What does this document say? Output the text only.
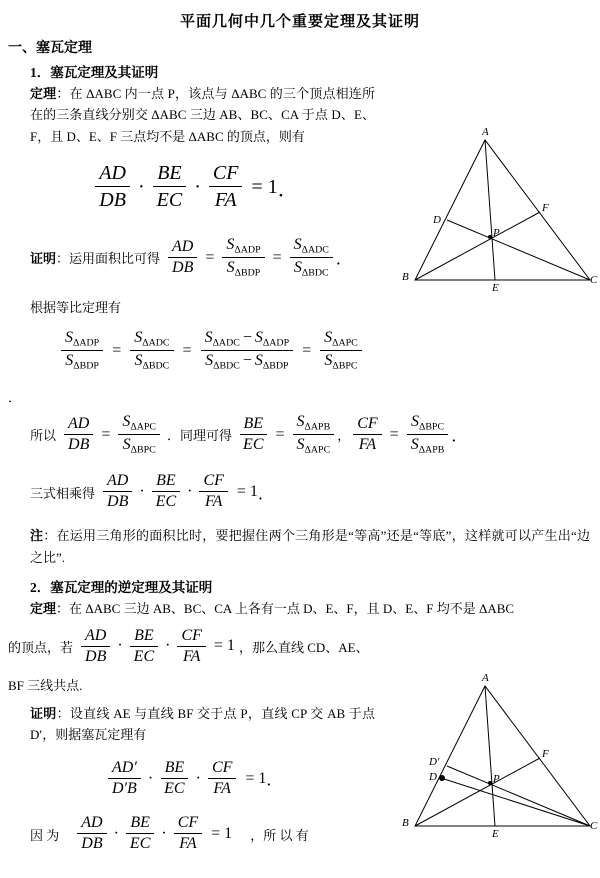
平面几何中几个重要定理及其证明
一、塞瓦定理
1．塞瓦定理及其证明
定理：在 ΔABC 内一点 P，该点与 ΔABC 的三个顶点相连所在的三条直线分别交 ΔABC 三边 AB、BC、CA 于点 D、E、F，且 D、E、F 三点均不是 ΔABC 的顶点，则有
$\frac{AD}{DB} \cdot \frac{BE}{EC} \cdot \frac{CF}{FA} = 1$ ．
A
B	C
D
E
F
P
证明：运用面积比可得 $\frac{AD}{DB} = \frac{S_{\Delta ADP}}{S_{\Delta BDP}} = \frac{S_{\Delta ADC}}{S_{\Delta BDC}}$ ．
根据等比定理有
$\frac{S_{\Delta ADP}}{S_{\Delta BDP}} = \frac{S_{\Delta ADC}}{S_{\Delta BDC}} = \frac{S_{\Delta ADC} - S_{\Delta ADP}}{S_{\Delta BDC} - S_{\Delta BDP}} = \frac{S_{\Delta APC}}{S_{\Delta BPC}}$
．
所以 $\frac{AD}{DB} = \frac{S_{\Delta APC}}{S_{\Delta BPC}}$ ．同理可得 $\frac{BE}{EC} = \frac{S_{\Delta APB}}{S_{\Delta APC}}$ ， $\frac{CF}{FA} = \frac{S_{\Delta BPC}}{S_{\Delta APB}}$ ．
三式相乘得 $\frac{AD}{DB} \cdot \frac{BE}{EC} \cdot \frac{CF}{FA} = 1$ ．
注：在运用三角形的面积比时，要把握住两个三角形是“等高”还是“等底”，这样就可以产生出“边之比”.
2．塞瓦定理的逆定理及其证明
定理：在 ΔABC 三边 AB、BC、CA 上各有一点 D、E、F，且 D、E、F 均不是 ΔABC
的顶点，若 $\frac{AD}{DB} \cdot \frac{BE}{EC} \cdot \frac{CF}{FA} = 1$ ，那么直线 CD、AE、
BF 三线共点.
A
B	C
D′
D
E
F
P
证明：设直线 AE 与直线 BF 交于点 P，直线 CP 交 AB 于点 D′，则据塞瓦定理有
$\frac{AD'}{D'B} \cdot \frac{BE}{EC} \cdot \frac{CF}{FA} = 1$ ．
因 为 $\frac{AD}{DB} \cdot \frac{BE}{EC} \cdot \frac{CF}{FA} = 1$ ，所 以 有
